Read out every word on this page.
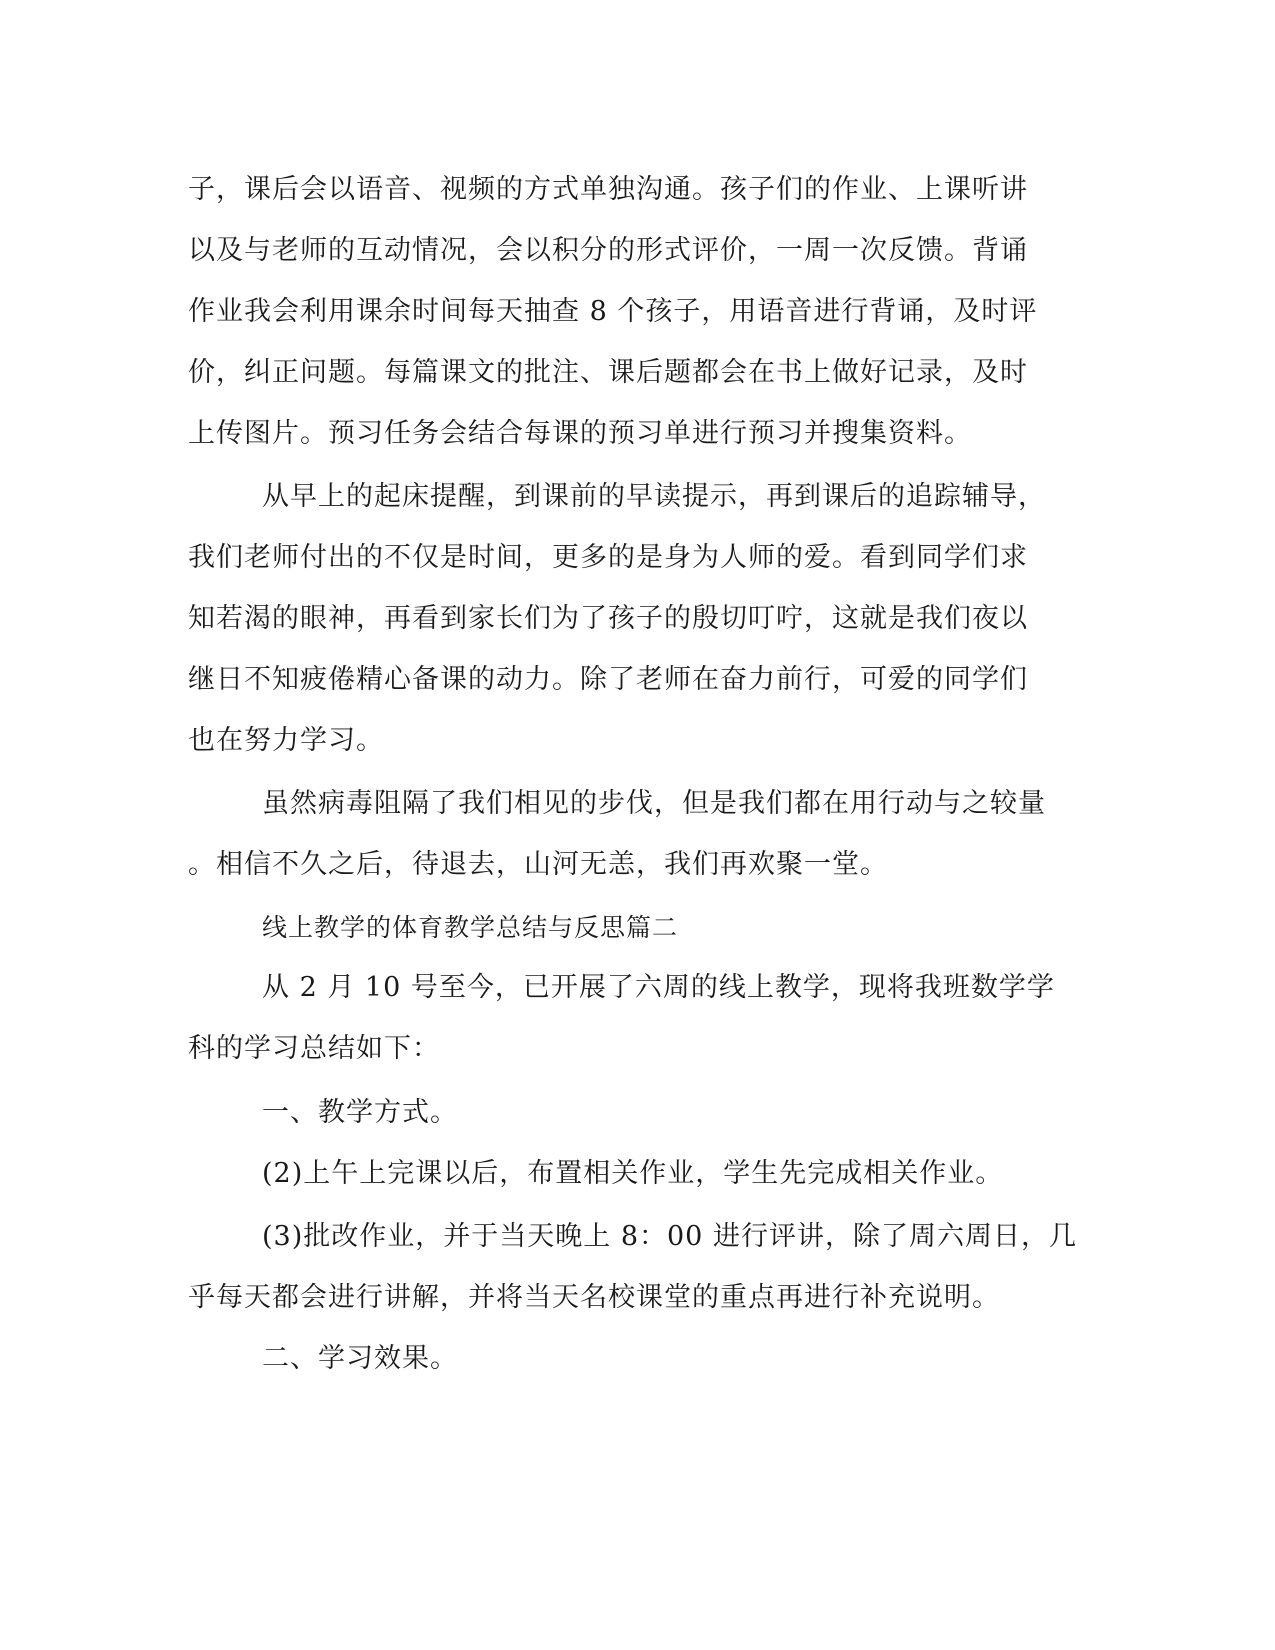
子，课后会以语音、视频的方式单独沟通。孩子们的作业、上课听讲
以及与老师的互动情况，会以积分的形式评价，一周一次反馈。背诵
作业我会利用课余时间每天抽查 8 个孩子，用语音进行背诵，及时评
价，纠正问题。每篇课文的批注、课后题都会在书上做好记录，及时
上传图片。预习任务会结合每课的预习单进行预习并搜集资料。
从早上的起床提醒，到课前的早读提示，再到课后的追踪辅导，
我们老师付出的不仅是时间，更多的是身为人师的爱。看到同学们求
知若渴的眼神，再看到家长们为了孩子的殷切叮咛，这就是我们夜以
继日不知疲倦精心备课的动力。除了老师在奋力前行，可爱的同学们
也在努力学习。
虽然病毒阻隔了我们相见的步伐，但是我们都在用行动与之较量
。相信不久之后，待退去，山河无恙，我们再欢聚一堂。
线上教学的体育教学总结与反思篇二
从 2 月 10 号至今，已开展了六周的线上教学，现将我班数学学
科的学习总结如下：
一、教学方式。
(2)上午上完课以后，布置相关作业，学生先完成相关作业。
(3)批改作业，并于当天晚上 8：00 进行评讲，除了周六周日，几
乎每天都会进行讲解，并将当天名校课堂的重点再进行补充说明。
二、学习效果。
